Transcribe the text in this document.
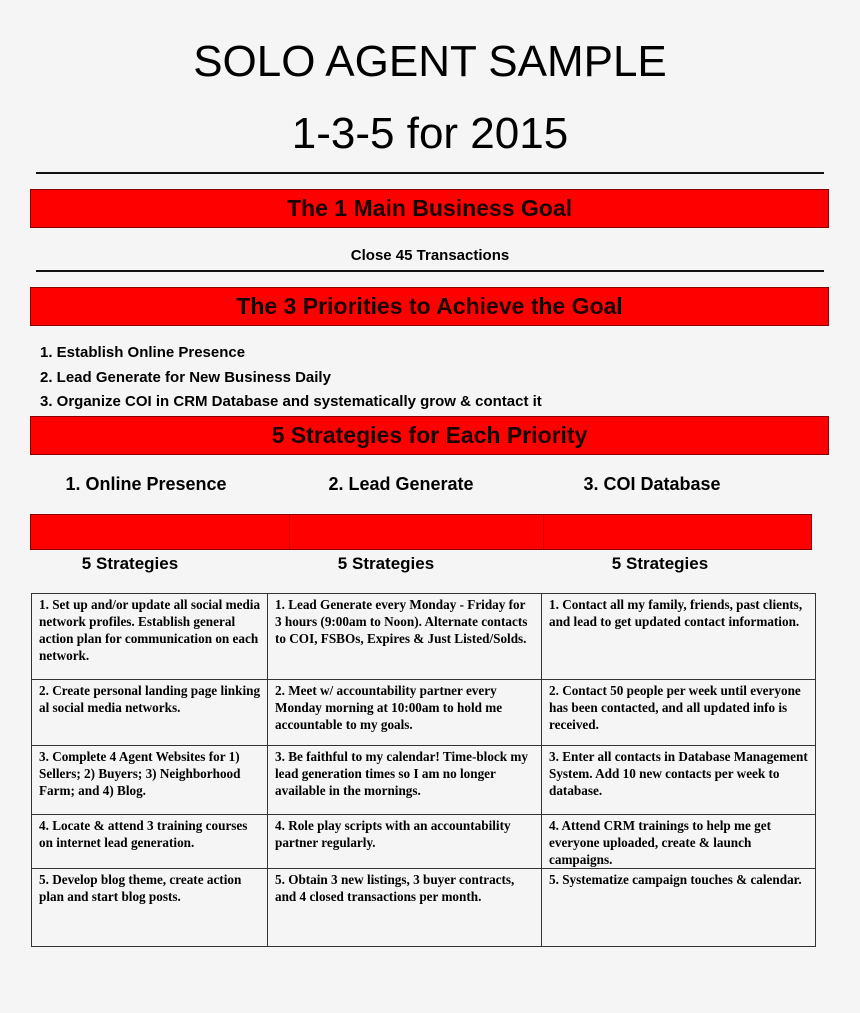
SOLO AGENT SAMPLE
1-3-5 for 2015
The 1 Main Business Goal
Close 45 Transactions
The 3 Priorities to Achieve the Goal
1. Establish Online Presence
2. Lead Generate for New Business Daily
3. Organize COI in CRM Database and systematically grow & contact it
5 Strategies for Each Priority
1. Online Presence	2. Lead Generate	3. COI Database
5 Strategies	5 Strategies	5 Strategies
1. Set up and/or update all social media network profiles. Establish general action plan for communication on each network.	1. Lead Generate every Monday - Friday for 3 hours (9:00am to Noon). Alternate contacts to COI, FSBOs, Expires & Just Listed/Solds.	1. Contact all my family, friends, past clients, and lead to get updated contact information.
2. Create personal landing page linking al social media networks.	2. Meet w/ accountability partner every Monday morning at 10:00am to hold me accountable to my goals.	2. Contact 50 people per week until everyone has been contacted, and all updated info is received.
3. Complete 4 Agent Websites for 1) Sellers; 2) Buyers; 3) Neighborhood Farm; and 4) Blog.	3. Be faithful to my calendar! Time-block my lead generation times so I am no longer available in the mornings.	3. Enter all contacts in Database Management System. Add 10 new contacts per week to database.
4. Locate & attend 3 training courses on internet lead generation.	4. Role play scripts with an accountability partner regularly.	4. Attend CRM trainings to help me get everyone uploaded, create & launch campaigns.
5. Develop blog theme, create action plan and start blog posts.	5. Obtain 3 new listings, 3 buyer contracts, and 4 closed transactions per month.	5. Systematize campaign touches & calendar.
